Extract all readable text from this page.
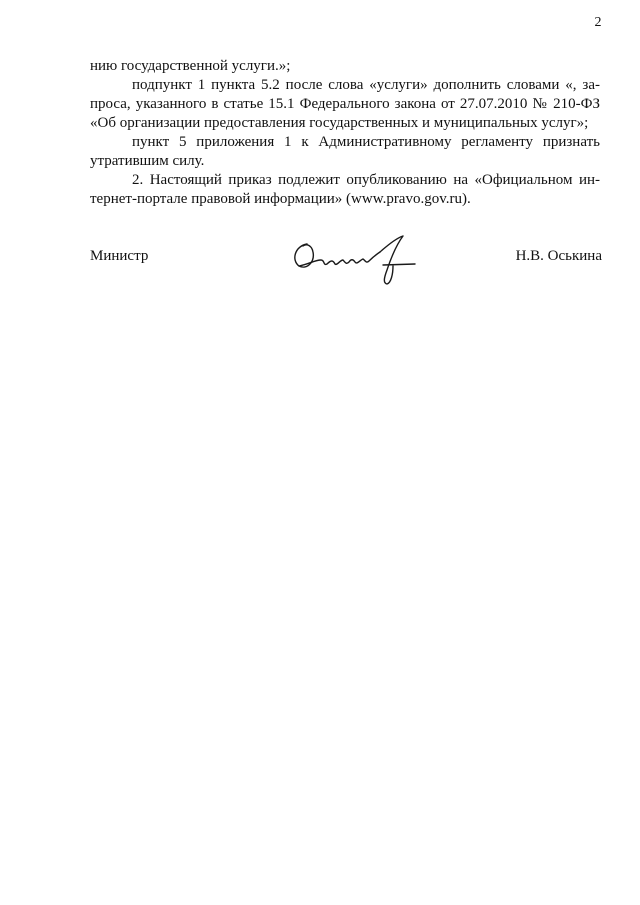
2
нию государственной услуги.»;
подпункт 1 пункта 5.2 после слова «услуги» дополнить словами «, за-
проса, указанного в статье 15.1 Федерального закона от 27.07.2010 № 210-ФЗ
«Об организации предоставления государственных и муниципальных услуг»;
пункт 5 приложения 1 к Административному регламенту признать
утратившим силу.
2. Настоящий приказ подлежит опубликованию на «Официальном ин-
тернет-портале правовой информации» (www.pravo.gov.ru).
Министр	Н.В. Оськина
